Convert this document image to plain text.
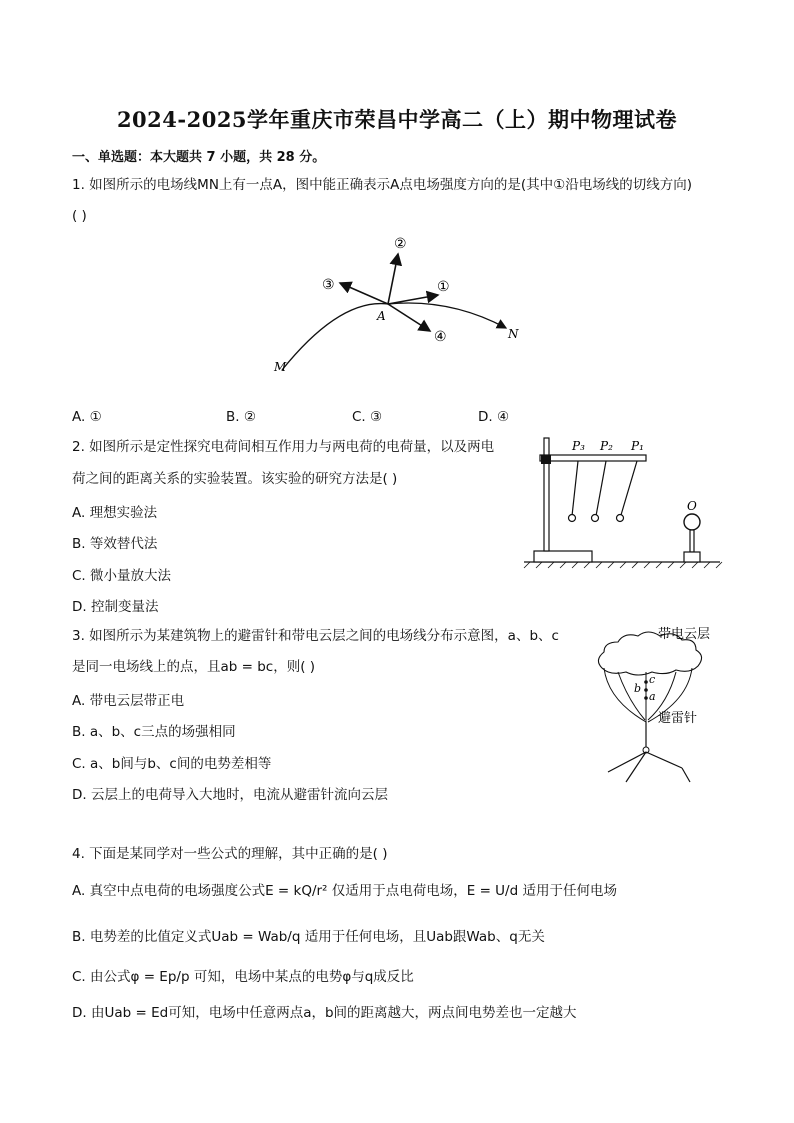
2024-2025学年重庆市荣昌中学高二（上）期中物理试卷
一、单选题：本大题共 7 小题，共 28 分。
1. 如图所示的电场线MN上有一点A，图中能正确表示A点电场强度方向的是(其中①沿电场线的切线方向)
( )
②
③	①
A
④	N
M
A. ①	B. ②	C. ③	D. ④
2. 如图所示是定性探究电荷间相互作用力与两电荷的电荷量，以及两电
荷之间的距离关系的实验装置。该实验的研究方法是( )
A. 理想实验法
B. 等效替代法
C. 微小量放大法
D. 控制变量法
P₃ P₂ P₁
O
3. 如图所示为某建筑物上的避雷针和带电云层之间的电场线分布示意图，a、b、c
是同一电场线上的点，且ab = bc，则( )
A. 带电云层带正电
B. a、b、c三点的场强相同
C. a、b间与b、c间的电势差相等
D. 云层上的电荷导入大地时，电流从避雷针流向云层
带电云层
避雷针
c
b
a
4. 下面是某同学对一些公式的理解，其中正确的是( )
A. 真空中点电荷的电场强度公式E = kQ/r² 仅适用于点电荷电场，E = U/d 适用于任何电场
B. 电势差的比值定义式Uab = Wab/q 适用于任何电场，且Uab跟Wab、q无关
C. 由公式φ = Ep/p 可知，电场中某点的电势φ与q成反比
D. 由Uab = Ed可知，电场中任意两点a，b间的距离越大，两点间电势差也一定越大
